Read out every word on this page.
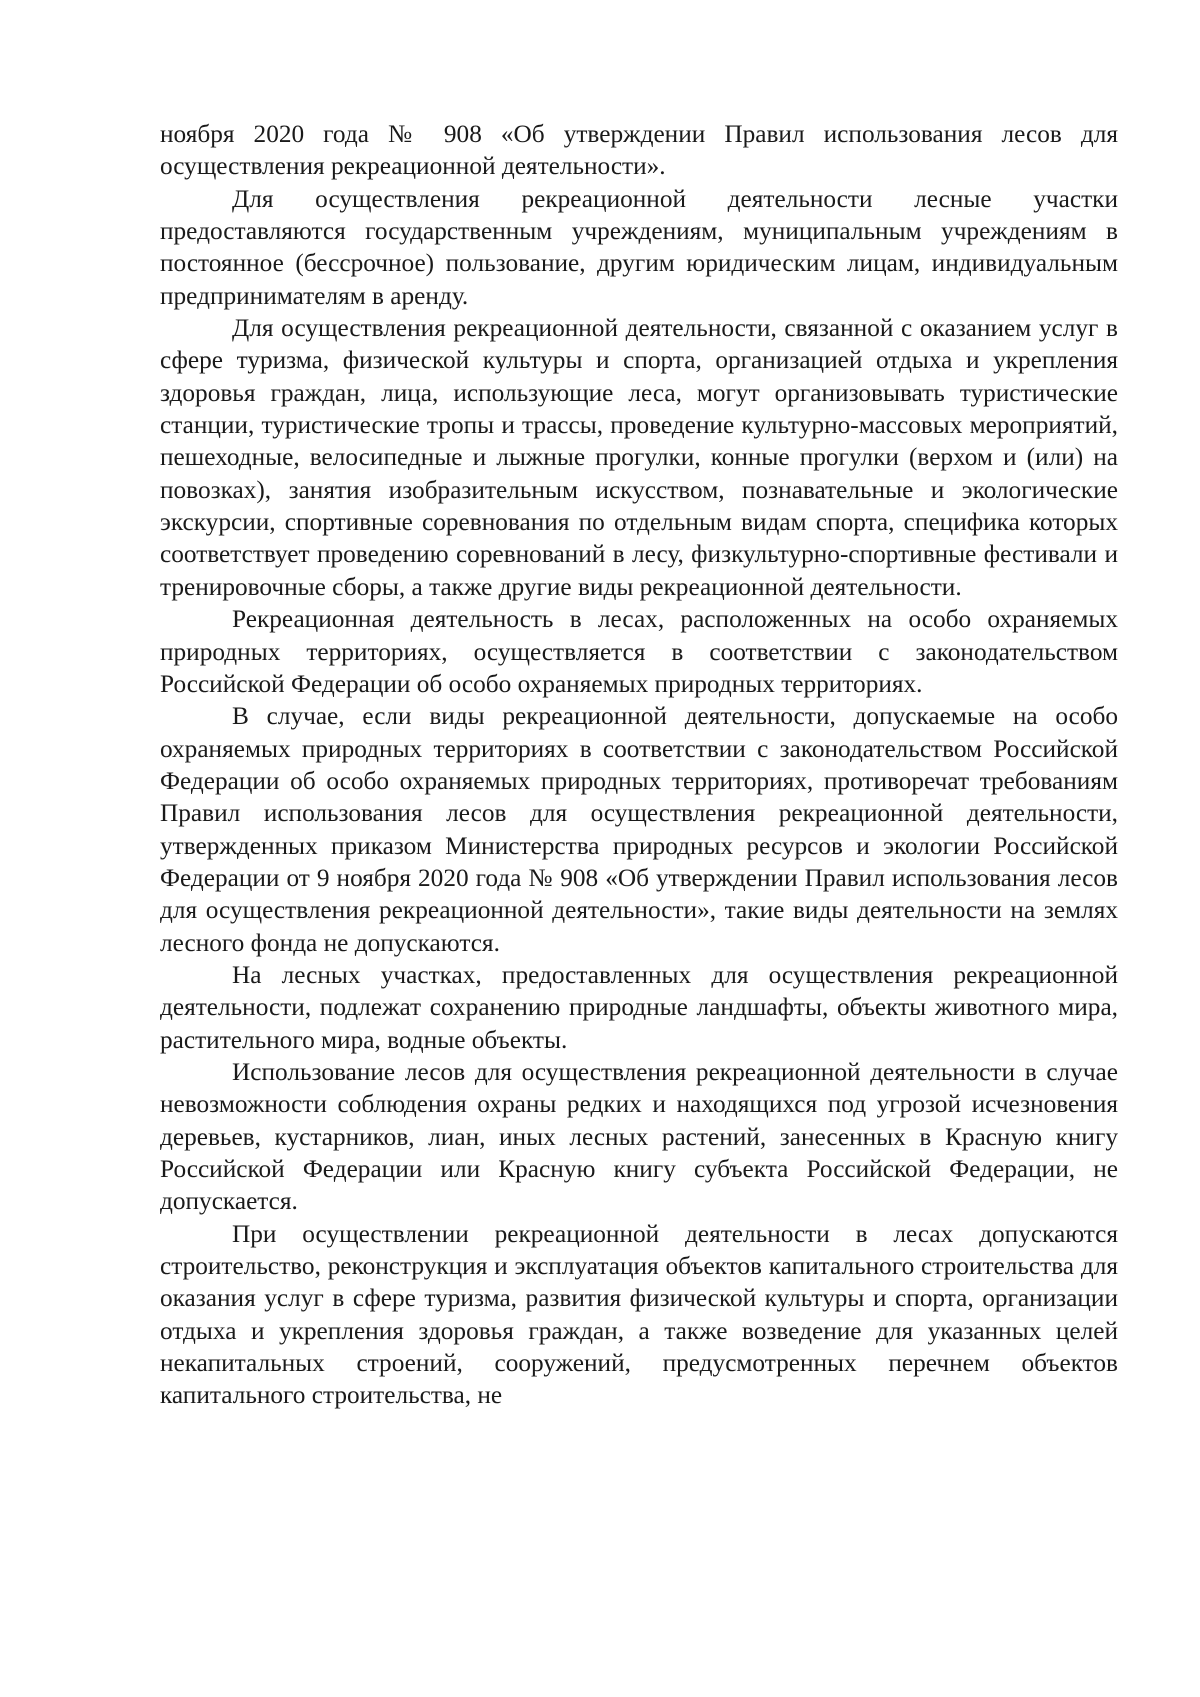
ноября 2020 года № 908 «Об утверждении Правил использования лесов для осуществления рекреационной деятельности».

Для осуществления рекреационной деятельности лесные участки предоставляются государственным учреждениям, муниципальным учреждениям в постоянное (бессрочное) пользование, другим юридическим лицам, индивидуальным предпринимателям в аренду.

Для осуществления рекреационной деятельности, связанной с оказанием услуг в сфере туризма, физической культуры и спорта, организацией отдыха и укрепления здоровья граждан, лица, использующие леса, могут организовывать туристические станции, туристические тропы и трассы, проведение культурно-массовых мероприятий, пешеходные, велосипедные и лыжные прогулки, конные прогулки (верхом и (или) на повозках), занятия изобразительным искусством, познавательные и экологические экскурсии, спортивные соревнования по отдельным видам спорта, специфика которых соответствует проведению соревнований в лесу, физкультурно-спортивные фестивали и тренировочные сборы, а также другие виды рекреационной деятельности.

Рекреационная деятельность в лесах, расположенных на особо охраняемых природных территориях, осуществляется в соответствии с законодательством Российской Федерации об особо охраняемых природных территориях.

В случае, если виды рекреационной деятельности, допускаемые на особо охраняемых природных территориях в соответствии с законодательством Российской Федерации об особо охраняемых природных территориях, противоречат требованиям Правил использования лесов для осуществления рекреационной деятельности, утвержденных приказом Министерства природных ресурсов и экологии Российской Федерации от 9 ноября 2020 года № 908 «Об утверждении Правил использования лесов для осуществления рекреационной деятельности», такие виды деятельности на землях лесного фонда не допускаются.

На лесных участках, предоставленных для осуществления рекреационной деятельности, подлежат сохранению природные ландшафты, объекты животного мира, растительного мира, водные объекты.

Использование лесов для осуществления рекреационной деятельности в случае невозможности соблюдения охраны редких и находящихся под угрозой исчезновения деревьев, кустарников, лиан, иных лесных растений, занесенных в Красную книгу Российской Федерации или Красную книгу субъекта Российской Федерации, не допускается.

При осуществлении рекреационной деятельности в лесах допускаются строительство, реконструкция и эксплуатация объектов капитального строительства для оказания услуг в сфере туризма, развития физической культуры и спорта, организации отдыха и укрепления здоровья граждан, а также возведение для указанных целей некапитальных строений, сооружений, предусмотренных перечнем объектов капитального строительства, не
